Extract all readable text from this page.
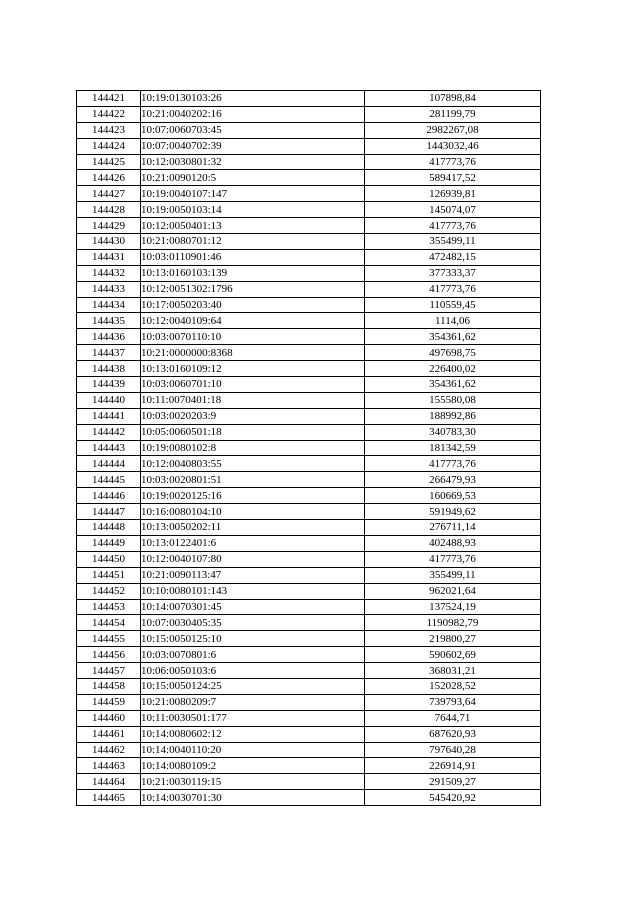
144421	10:19:0130103:26	107898,84
144422	10:21:0040202:16	281199,79
144423	10:07:0060703:45	2982267,08
144424	10:07:0040702:39	1443032,46
144425	10:12:0030801:32	417773,76
144426	10:21:0090120:5	589417,52
144427	10:19:0040107:147	126939,81
144428	10:19:0050103:14	145074,07
144429	10:12:0050401:13	417773,76
144430	10:21:0080701:12	355499,11
144431	10:03:0110901:46	472482,15
144432	10:13:0160103:139	377333,37
144433	10:12:0051302:1796	417773,76
144434	10:17:0050203:40	110559,45
144435	10:12:0040109:64	1114,06
144436	10:03:0070110:10	354361,62
144437	10:21:0000000:8368	497698,75
144438	10:13:0160109:12	226400,02
144439	10:03:0060701:10	354361,62
144440	10:11:0070401:18	155580,08
144441	10:03:0020203:9	188992,86
144442	10:05:0060501:18	340783,30
144443	10:19:0080102:8	181342,59
144444	10:12:0040803:55	417773,76
144445	10:03:0020801:51	266479,93
144446	10:19:0020125:16	160669,53
144447	10:16:0080104:10	591949,62
144448	10:13:0050202:11	276711,14
144449	10:13:0122401:6	402488,93
144450	10:12:0040107:80	417773,76
144451	10:21:0090113:47	355499,11
144452	10:10:0080101:143	962021,64
144453	10:14:0070301:45	137524,19
144454	10:07:0030405:35	1190982,79
144455	10:15:0050125:10	219800,27
144456	10:03:0070801:6	590602,69
144457	10:06:0050103:6	368031,21
144458	10:15:0050124:25	152028,52
144459	10:21:0080209:7	739793,64
144460	10:11:0030501:177	7644,71
144461	10:14:0080602:12	687620,93
144462	10:14:0040110:20	797640,28
144463	10:14:0080109:2	226914,91
144464	10:21:0030119:15	291509,27
144465	10:14:0030701:30	545420,92
